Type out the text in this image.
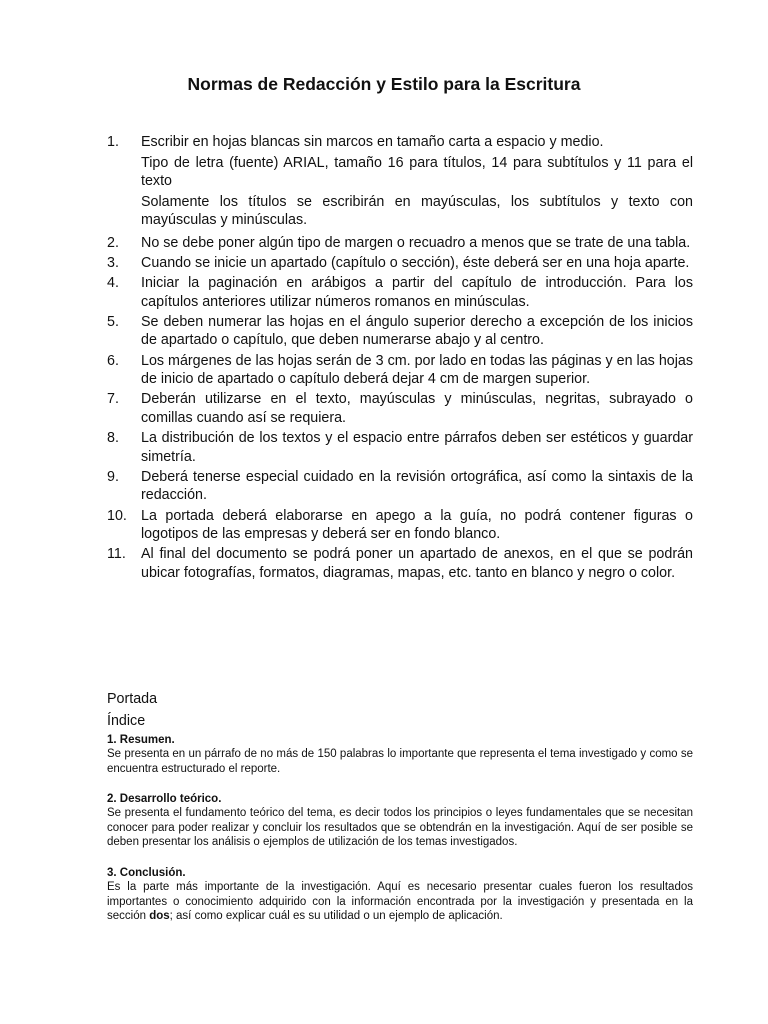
Normas de Redacción y Estilo para la Escritura
1.	Escribir en hojas blancas sin marcos en tamaño carta a espacio y medio.

Tipo de letra (fuente) ARIAL, tamaño 16 para títulos, 14 para subtítulos y 11 para el texto

Solamente los títulos se escribirán en mayúsculas, los subtítulos y texto con mayúsculas y minúsculas.

2.	No se debe poner algún tipo de margen o recuadro a menos que se trate de una tabla.
3.	Cuando se inicie un apartado (capítulo o sección), éste deberá ser en una hoja aparte.
4.	Iniciar la paginación en arábigos a partir del capítulo de introducción. Para los capítulos anteriores utilizar números romanos en minúsculas.
5.	Se deben numerar las hojas en el ángulo superior derecho a excepción de los inicios de apartado o capítulo, que deben numerarse abajo y al centro.
6.	Los márgenes de las hojas serán de 3 cm. por lado en todas las páginas y en las hojas de inicio de apartado o capítulo deberá dejar 4 cm de margen superior.
7.	Deberán utilizarse en el texto, mayúsculas y minúsculas, negritas, subrayado o comillas cuando así se requiera.
8.	La distribución de los textos y el espacio entre párrafos deben ser estéticos y guardar simetría.
9.	Deberá tenerse especial cuidado en la revisión ortográfica, así como la sintaxis de la redacción.
10. La portada deberá elaborarse en apego a la guía, no podrá contener figuras o logotipos de las empresas y deberá ser en fondo blanco.
11.	Al final del documento se podrá poner un apartado de anexos, en el que se podrán ubicar fotografías, formatos, diagramas, mapas, etc. tanto en blanco y negro o color.
Portada
Índice
1. Resumen.
Se presenta en un párrafo de no más de 150 palabras lo importante que representa el tema investigado y como se encuentra estructurado el reporte.
2. Desarrollo teórico.
Se presenta el fundamento teórico del tema, es decir todos los principios o leyes fundamentales que se necesitan conocer para poder realizar y concluir los resultados que se obtendrán en la investigación. Aquí de ser posible se deben presentar los análisis o ejemplos de utilización de los temas investigados.
3. Conclusión.
Es la parte más importante de la investigación. Aquí es necesario presentar cuales fueron los resultados importantes o conocimiento adquirido con la información encontrada por la investigación y presentada en la sección dos; así como explicar cuál es su utilidad o un ejemplo de aplicación.
